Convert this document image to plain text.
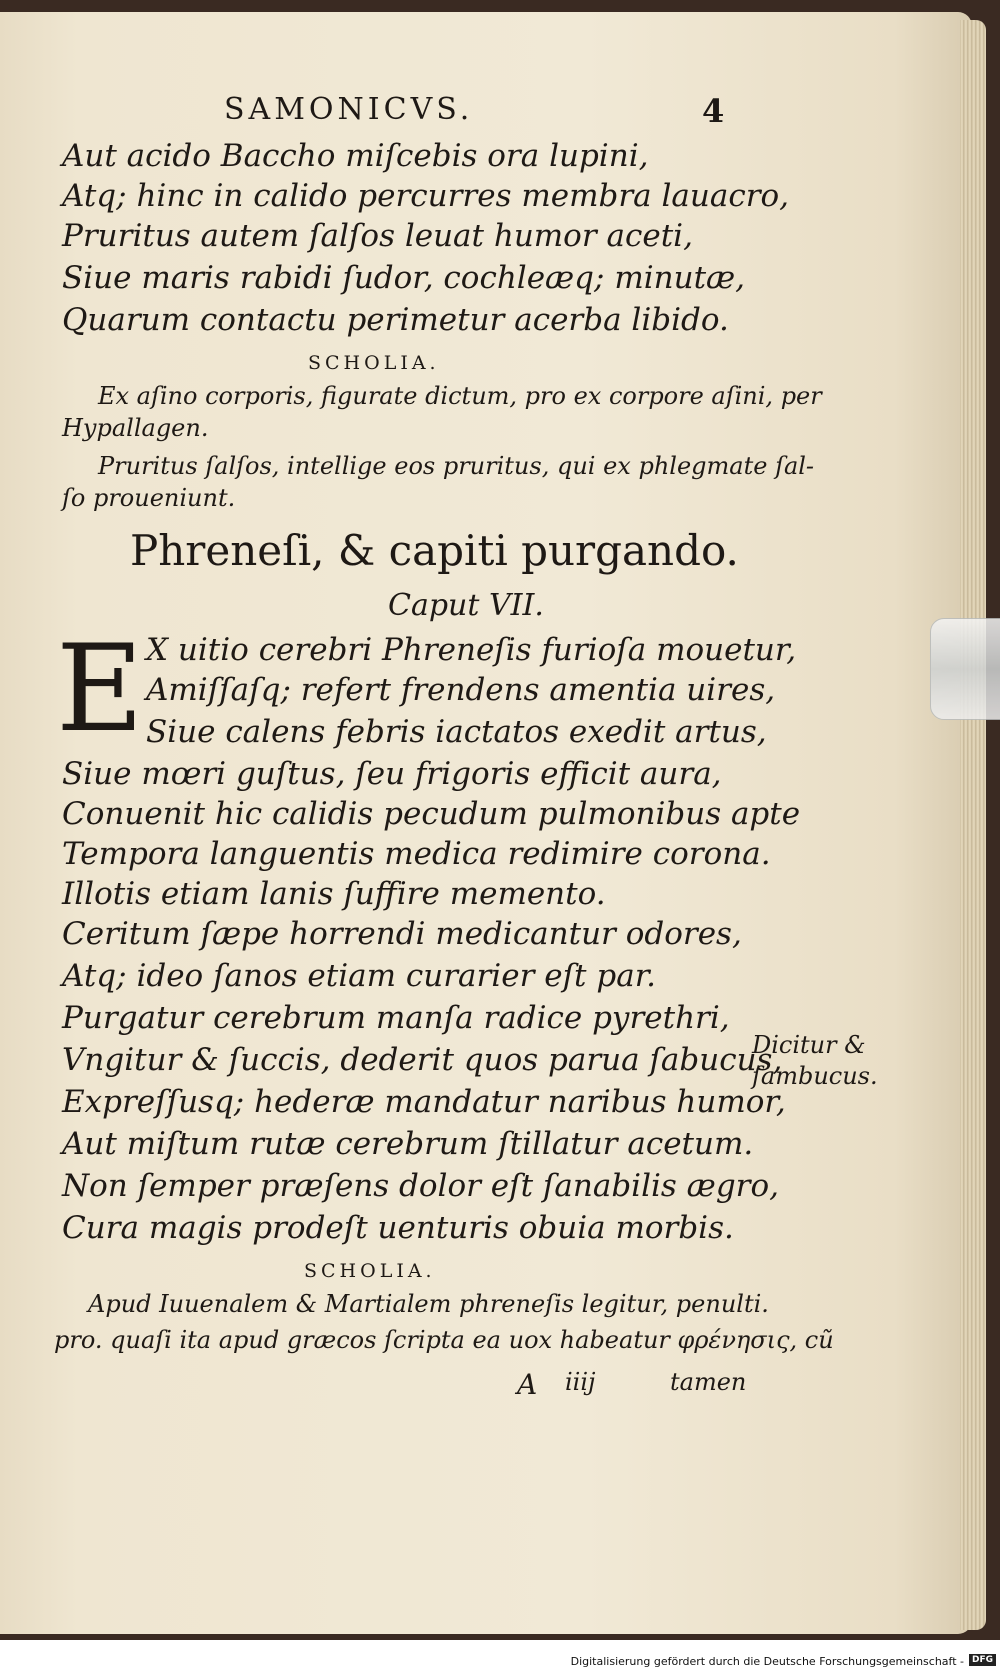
SAMONICVS.	4
Aut acido Baccho miſcebis ora lupini,
Atq; hinc in calido percurres membra lauacro,
Pruritus autem ſalſos leuat humor aceti,
Siue maris rabidi ſudor, cochleæq; minutæ,
Quarum contactu perimetur acerba libido.
SCHOLIA.
Ex aſino corporis, figurate dictum, pro ex corpore aſini, per
Hypallagen.
Pruritus ſalſos, intellige eos pruritus, qui ex phlegmate ſal-
ſo proueniunt.
Phreneſi, & capiti purgando.
Caput VII.
E X uitio cerebri Phreneſis furioſa mouetur,
Amiſſaſq; refert frendens amentia uires,
Siue calens febris iactatos exedit artus,
Siue mœri guſtus, ſeu frigoris efficit aura,
Conuenit hic calidis pecudum pulmonibus apte
Tempora languentis medica redimire corona.
Illotis etiam lanis ſuffire memento.
Ceritum ſæpe horrendi medicantur odores,
Atq; ideo ſanos etiam curarier eſt par.
Purgatur cerebrum manſa radice pyrethri,
Vngitur & ſuccis, dederit quos parua ſabucus,
Expreſſusq; hederæ mandatur naribus humor,
Aut miſtum rutæ cerebrum ſtillatur acetum.
Non ſemper præſens dolor eſt ſanabilis ægro,
Cura magis prodeſt uenturis obuia morbis.
Dicitur &
ſambucus.
SCHOLIA.
Apud Iuuenalem & Martialem phreneſis legitur, penulti.
pro. quaſi ita apud græcos ſcripta ea uox habeatur φρένησις, cũ
A iiij	tamen
Digitalisierung gefördert durch die Deutsche Forschungsgemeinschaft - DFG
